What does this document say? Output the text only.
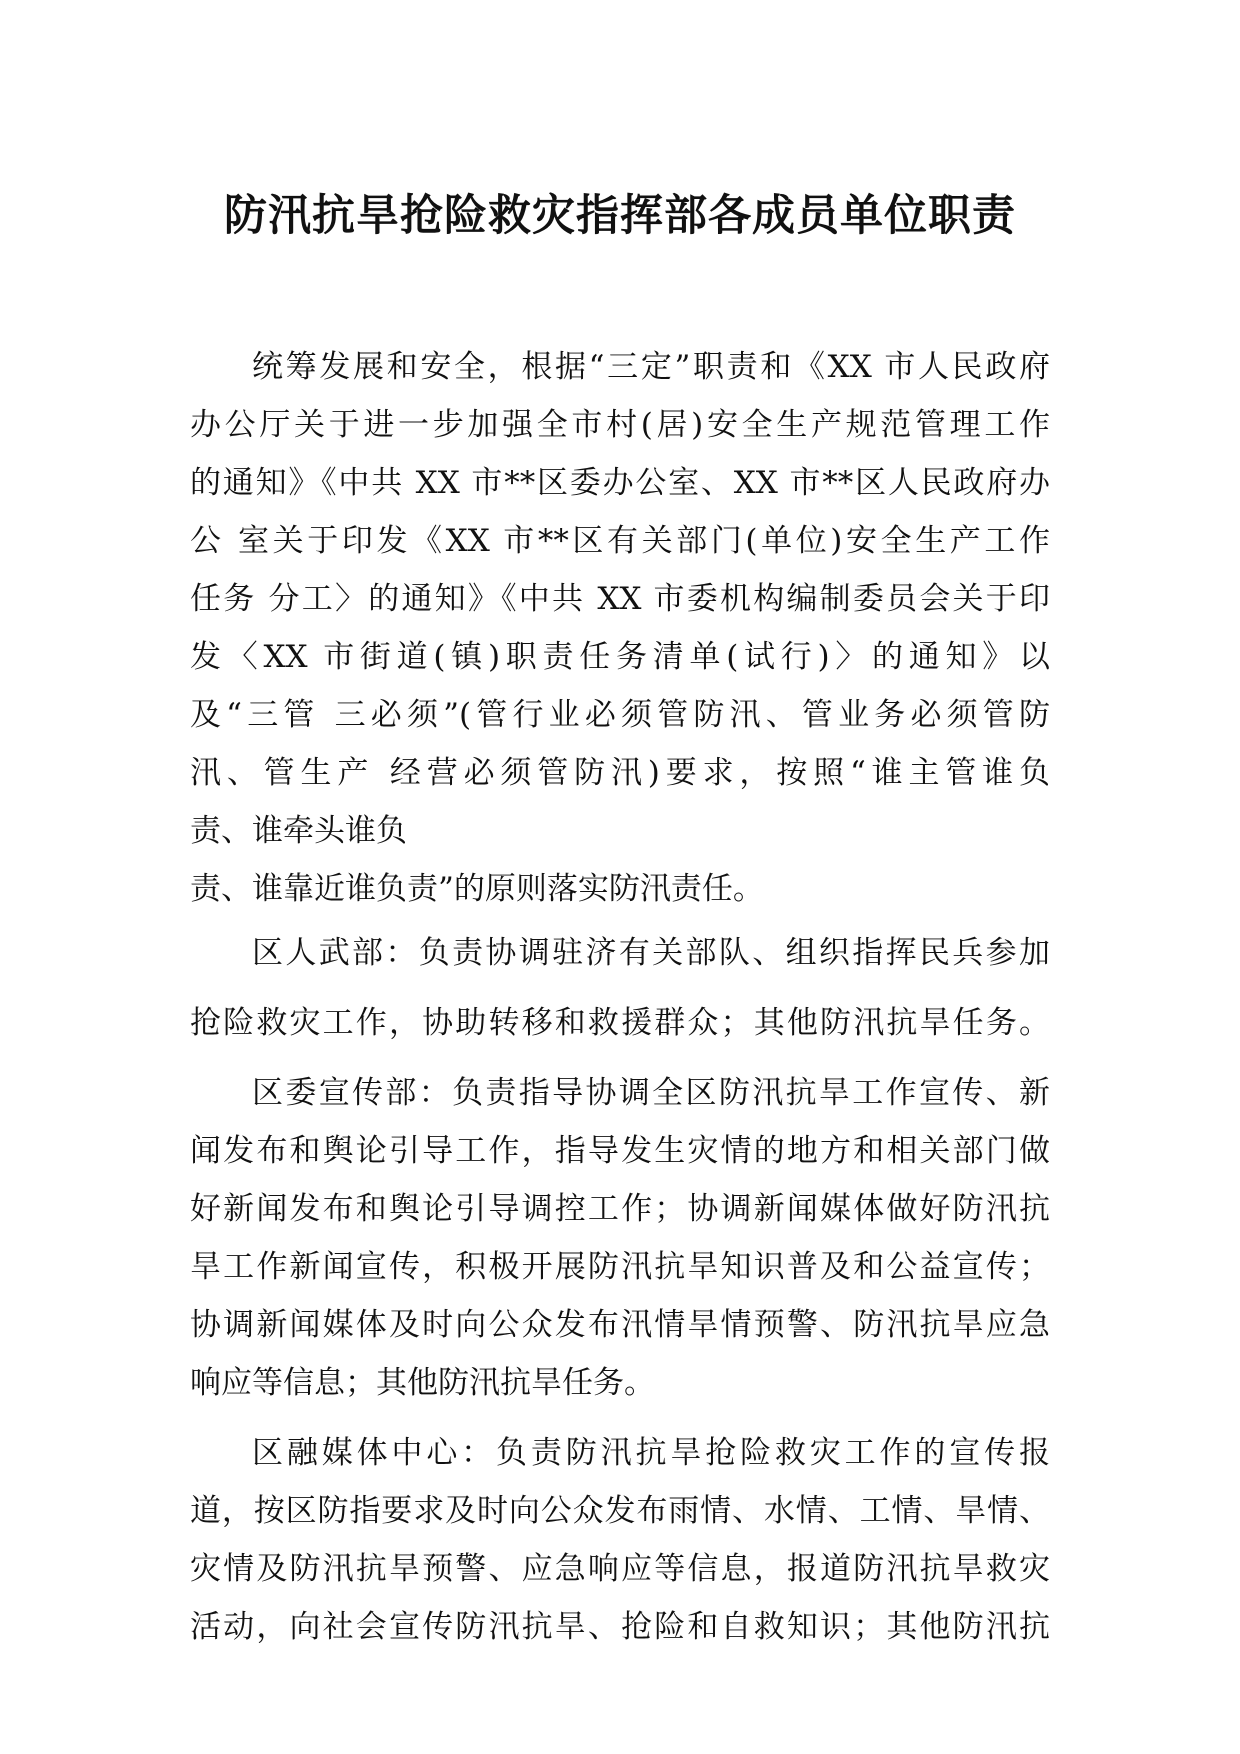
防汛抗旱抢险救灾指挥部各成员单位职责
统筹发展和安全，根据“三定”职责和《XX 市人民政府
办公厅关于进一步加强全市村(居)安全生产规范管理工作
的通知》《中共 XX 市**区委办公室、XX 市**区人民政府办
公 室关于印发《XX 市**区有关部门(单位)安全生产工作
任务 分工〉的通知》《中共 XX 市委机构编制委员会关于印
发〈XX 市街道(镇)职责任务清单(试行)〉的通知》以
及“三管 三必须”(管行业必须管防汛、管业务必须管防
汛、管生产 经营必须管防汛)要求，按照“谁主管谁负
责、谁牵头谁负
责、谁靠近谁负责”的原则落实防汛责任。
区人武部：负责协调驻济有关部队、组织指挥民兵参加
抢险救灾工作，协助转移和救援群众；其他防汛抗旱任务。
区委宣传部：负责指导协调全区防汛抗旱工作宣传、新
闻发布和舆论引导工作，指导发生灾情的地方和相关部门做
好新闻发布和舆论引导调控工作；协调新闻媒体做好防汛抗
旱工作新闻宣传，积极开展防汛抗旱知识普及和公益宣传；
协调新闻媒体及时向公众发布汛情旱情预警、防汛抗旱应急
响应等信息；其他防汛抗旱任务。
区融媒体中心：负责防汛抗旱抢险救灾工作的宣传报
道，按区防指要求及时向公众发布雨情、水情、工情、旱情、
灾情及防汛抗旱预警、应急响应等信息，报道防汛抗旱救灾
活动，向社会宣传防汛抗旱、抢险和自救知识；其他防汛抗
